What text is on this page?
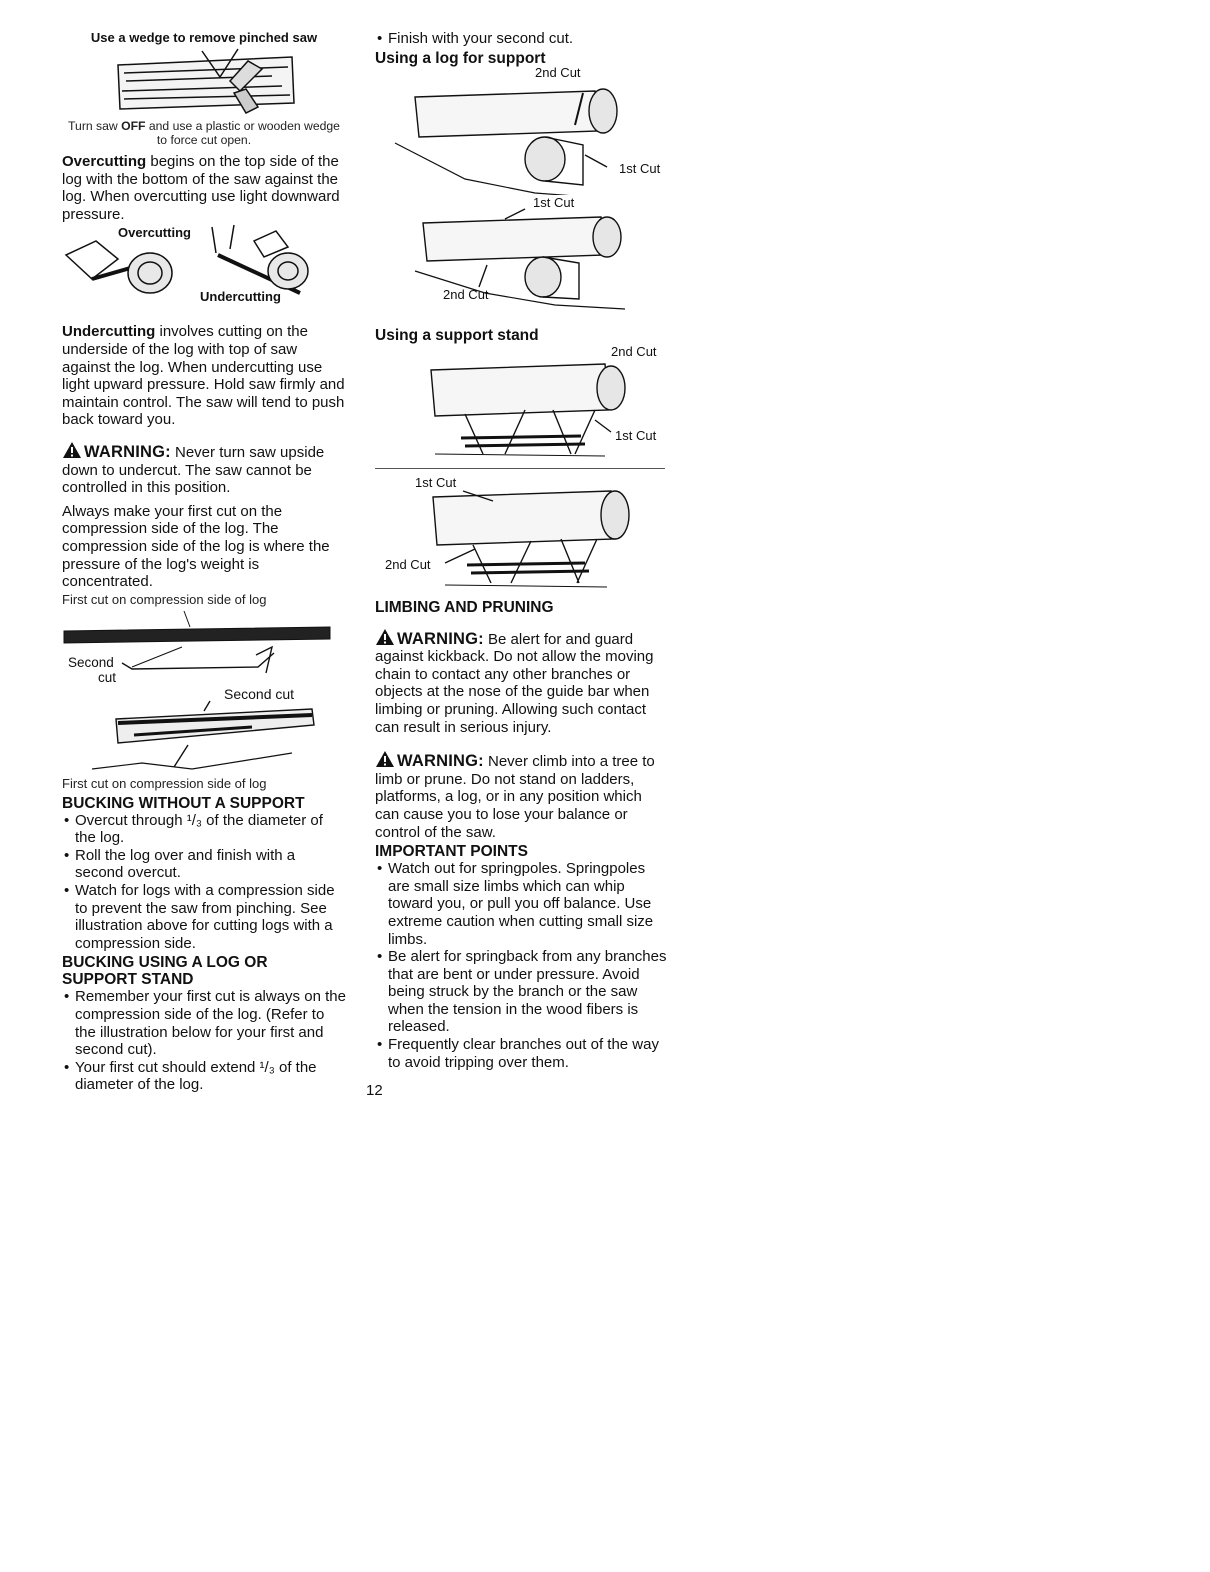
Use a wedge to remove pinched saw

Turn saw OFF and use a plastic or wooden wedge to force cut open.

Overcutting begins on the top side of the log with the bottom of the saw against the log. When overcutting use light downward pressure.

Overcutting
Undercutting

Undercutting involves cutting on the underside of the log with top of saw against the log. When undercutting use light upward pressure. Hold saw firmly and maintain control. The saw will tend to push back toward you.

WARNING: Never turn saw upside down to undercut. The saw cannot be controlled in this position.

Always make your first cut on the compression side of the log. The compression side of the log is where the pressure of the log's weight is concentrated.

First cut on compression side of log

Second
cut
Second cut

First cut on compression side of log

BUCKING WITHOUT A SUPPORT
• Overcut through ¹/₃ of the diameter of the log.
• Roll the log over and finish with a second overcut.
• Watch for logs with a compression side to prevent the saw from pinching. See illustration above for cutting logs with a compression side.
BUCKING USING A LOG OR SUPPORT STAND
• Remember your first cut is always on the compression side of the log. (Refer to the illustration below for your first and second cut).
• Your first cut should extend ¹/₃ of the diameter of the log.
• Finish with your second cut.
Using a log for support
2nd Cut
1st Cut
1st Cut
2nd Cut
Using a support stand
2nd Cut
1st Cut
1st Cut
2nd Cut
LIMBING AND PRUNING

WARNING: Be alert for and guard against kickback. Do not allow the moving chain to contact any other branches or objects at the nose of the guide bar when limbing or pruning. Allowing such contact can result in serious injury.

WARNING: Never climb into a tree to limb or prune. Do not stand on ladders, platforms, a log, or in any position which can cause you to lose your balance or control of the saw.

IMPORTANT POINTS
• Watch out for springpoles. Springpoles are small size limbs which can whip toward you, or pull you off balance. Use extreme caution when cutting small size limbs.
• Be alert for springback from any branches that are bent or under pressure. Avoid being struck by the branch or the saw when the tension in the wood fibers is released.
• Frequently clear branches out of the way to avoid tripping over them.
12
